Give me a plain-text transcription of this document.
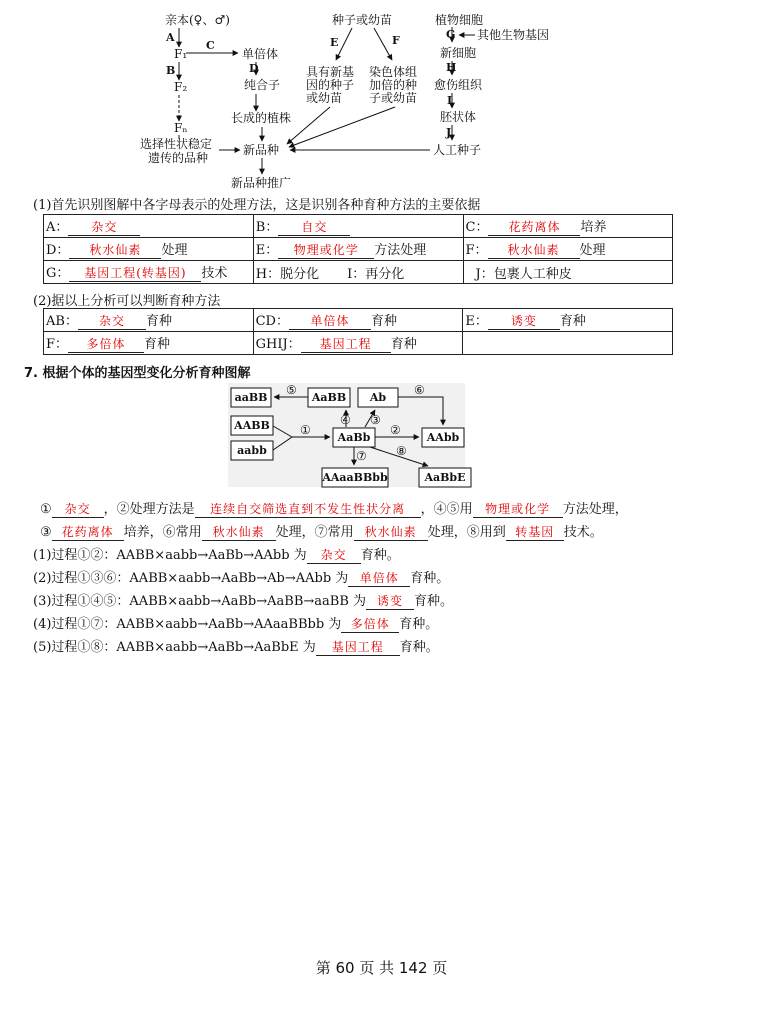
亲本(♀、♂)
A
F₁
C
单倍体
B
F₂
Fₙ
选择性状稳定
遗传的品种
D
纯合子
长成的植株
新品种
新品种推广
种子或幼苗
E	F
具有新基
因的种子
或幼苗
染色体组
加倍的种
子或幼苗
植物细胞
G 其他生物基因
新细胞
H
愈伤组织
I
胚状体
J
人工种子
(1)首先识别图解中各字母表示的处理方法，这是识别各种育种方法的主要依据
A： 杂交	B： 自交	C： 花药离体 培养
D： 秋水仙素 处理	E： 物理或化学 方法处理	F： 秋水仙素 处理
G： 基因工程(转基因) 技术	H：脱分化 I：再分化	J：包裹人工种皮
(2)据以上分析可以判断育种方法
AB： 杂交 育种	CD： 单倍体 育种	E： 诱变 育种
F： 多倍体 育种	GHIJ： 基因工程 育种	
7. 根据个体的基因型变化分析育种图解
aaBB	AaBB Ab
AABB
aabb
AaBb	AAbb
AAaaBBbb	AaBbE
⑤	⑥
④ ③
①	②
⑦ ⑧
① 杂交 ，②处理方法是 连续自交筛选直到不发生性状分离 ，④⑤用 物理或化学 方法处理，
③ 花药离体 培养，⑥常用 秋水仙素 处理，⑦常用 秋水仙素 处理，⑧用到 转基因 技术。
(1)过程①②：AABB×aabb→AaBb→AAbb 为 杂交 育种。
(2)过程①③⑥：AABB×aabb→AaBb→Ab→AAbb 为 单倍体 育种。
(3)过程①④⑤：AABB×aabb→AaBb→AaBB→aaBB 为 诱变 育种。
(4)过程①⑦：AABB×aabb→AaBb→AAaaBBbb 为 多倍体 育种。
(5)过程①⑧：AABB×aabb→AaBb→AaBbE 为 基因工程 育种。
第 60 页 共 142 页
